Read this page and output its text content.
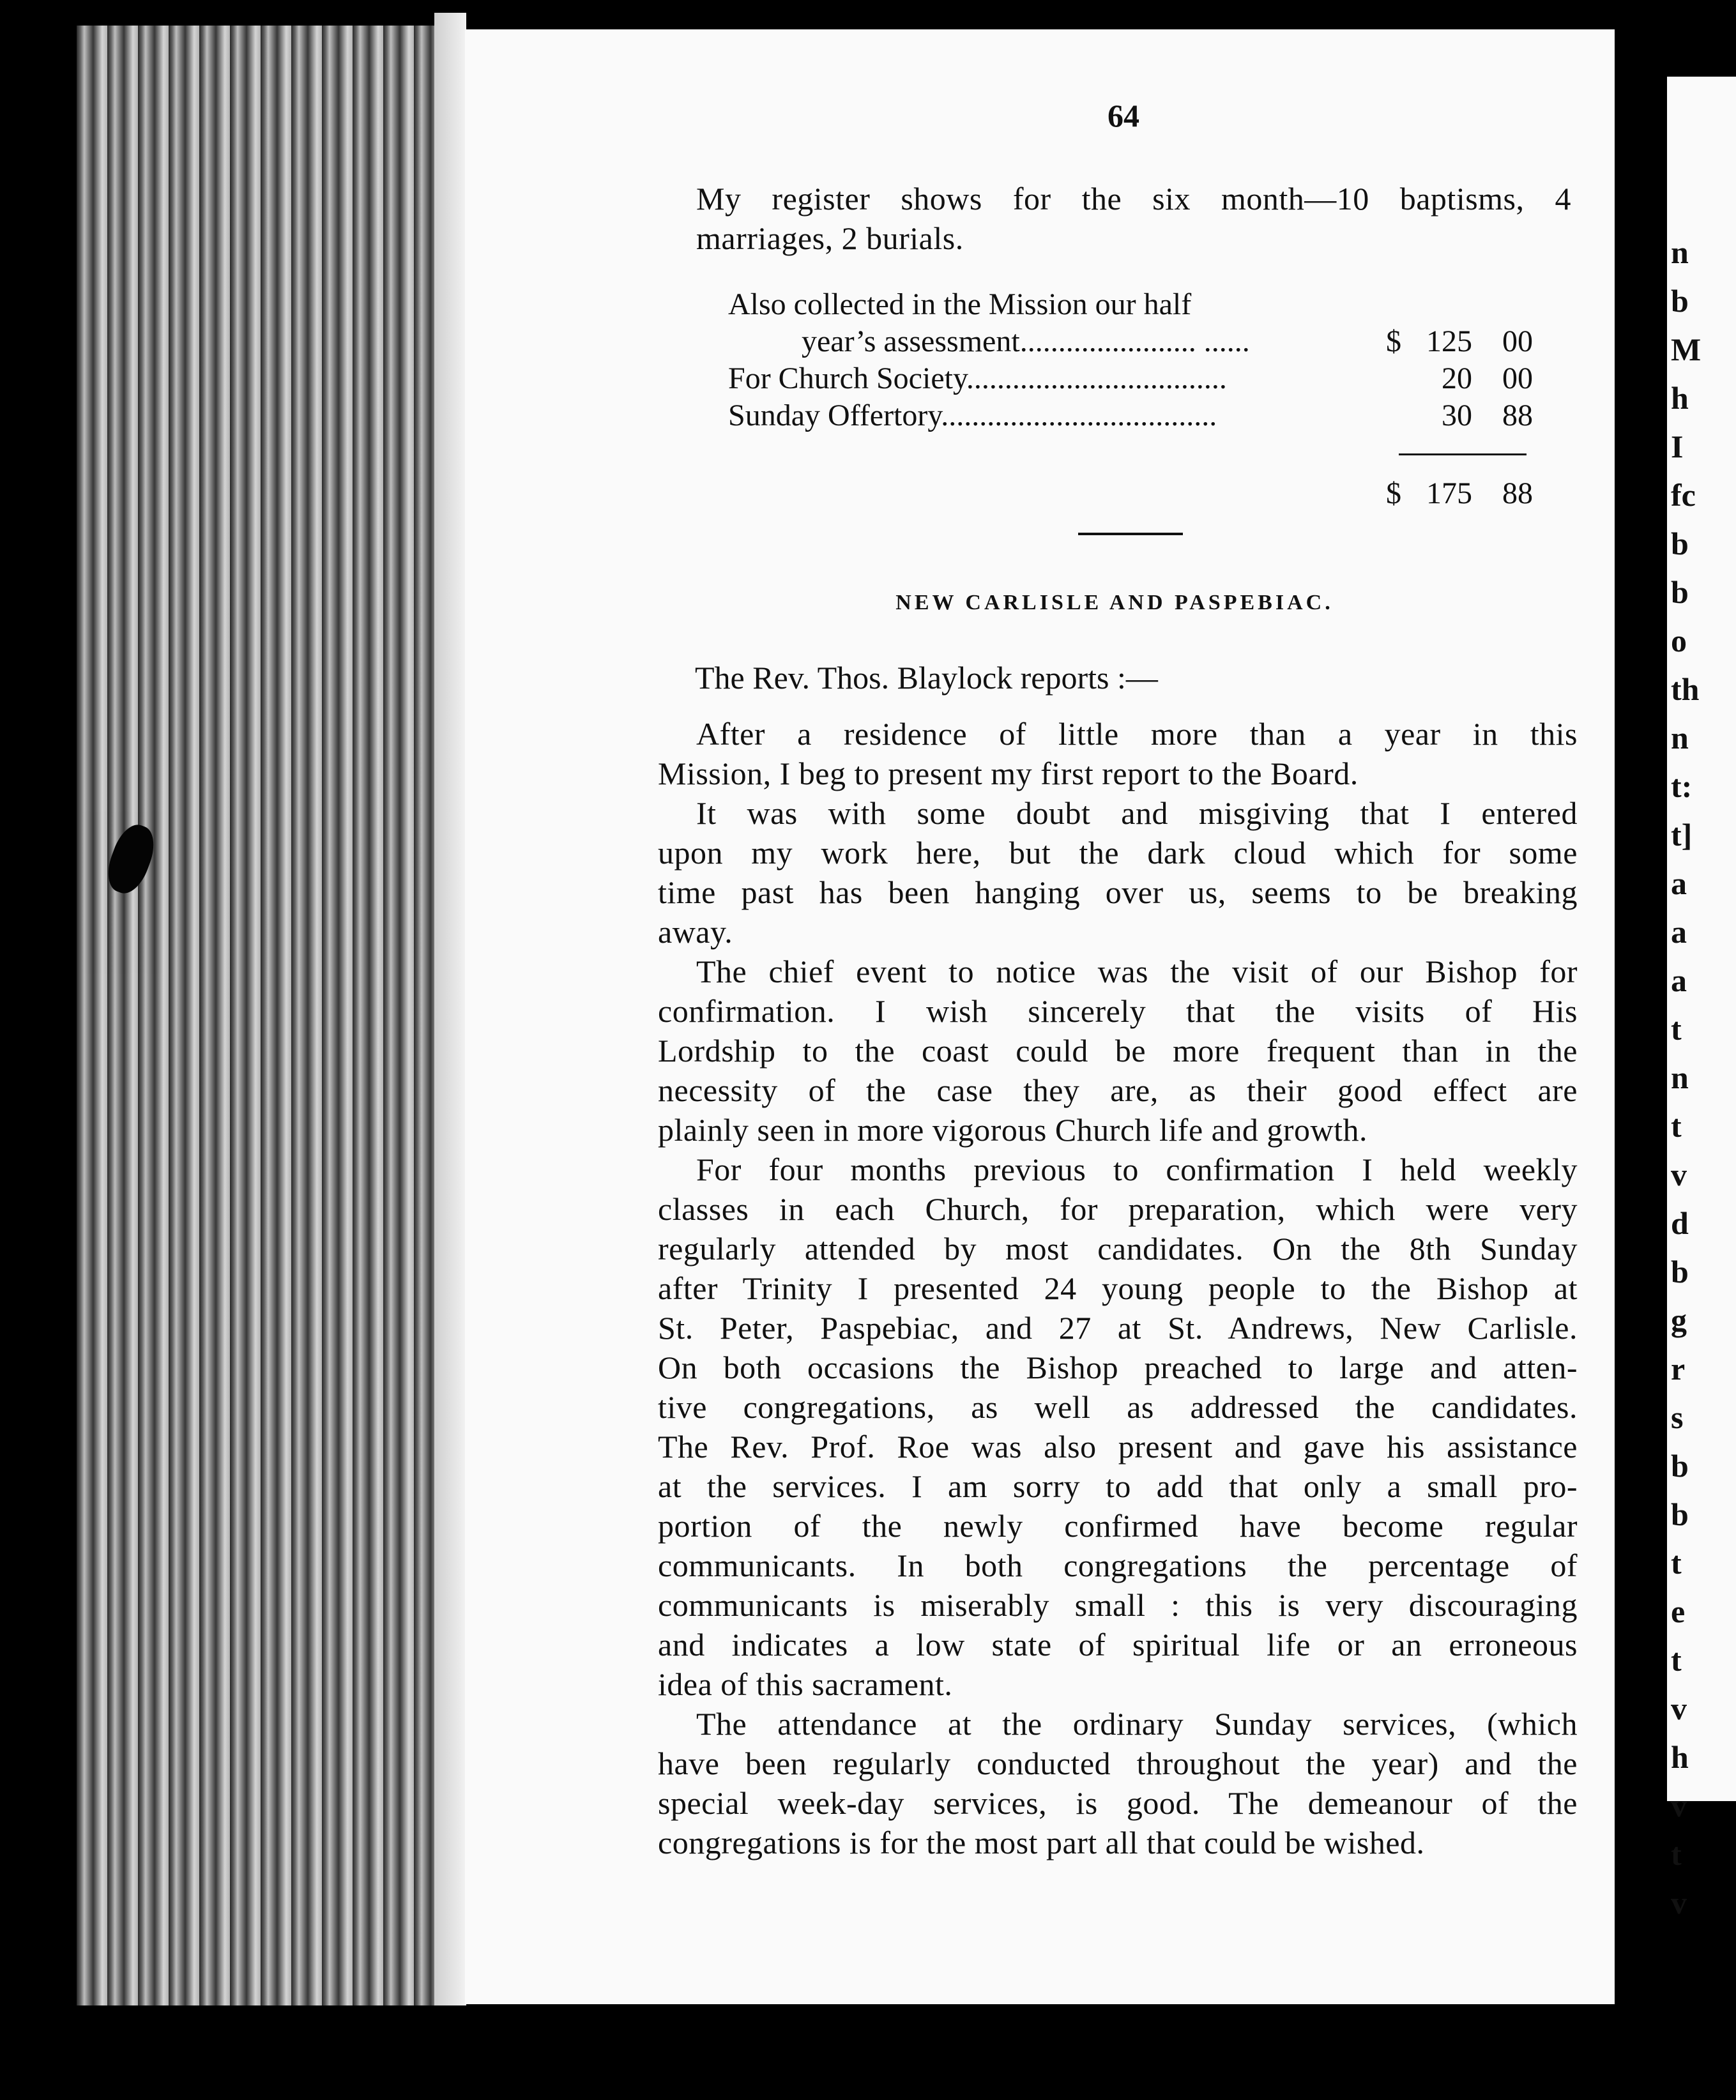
n
b
M
h
I
fc
b
b
o
th
n
t:
t]
a
a
a
t
n
t
v
d
b
g
r
s
b
b
t
e
t
v
h
v
t
v
64

My register shows for the six month—10 baptisms, 4
marriages, 2 burials.

Also collected in the Mission our half
year’s assessment....................... ......	$ 125 00
For Church Society..................................	20 00
Sunday Offertory....................................	30 88
$ 175 88
NEW CARLISLE AND PASPEBIAC.
The Rev. Thos. Blaylock reports :—

After a residence of little more than a year in this
Mission, I beg to present my first report to the Board.

It was with some doubt and misgiving that I entered
upon my work here, but the dark cloud which for some
time past has been hanging over us, seems to be breaking
away.

The chief event to notice was the visit of our Bishop for
confirmation. I wish sincerely that the visits of His
Lordship to the coast could be more frequent than in the
necessity of the case they are, as their good effect are
plainly seen in more vigorous Church life and growth.

For four months previous to confirmation I held weekly
classes in each Church, for preparation, which were very
regularly attended by most candidates. On the 8th Sunday
after Trinity I presented 24 young people to the Bishop at
St. Peter, Paspebiac, and 27 at St. Andrews, New Carlisle.
On both occasions the Bishop preached to large and atten-
tive congregations, as well as addressed the candidates.
The Rev. Prof. Roe was also present and gave his assistance
at the services. I am sorry to add that only a small pro-
portion of the newly confirmed have become regular
communicants. In both congregations the percentage of
communicants is miserably small : this is very discouraging
and indicates a low state of spiritual life or an erroneous
idea of this sacrament.

The attendance at the ordinary Sunday services, (which
have been regularly conducted throughout the year) and the
special week-day services, is good. The demeanour of the
congregations is for the most part all that could be wished.
